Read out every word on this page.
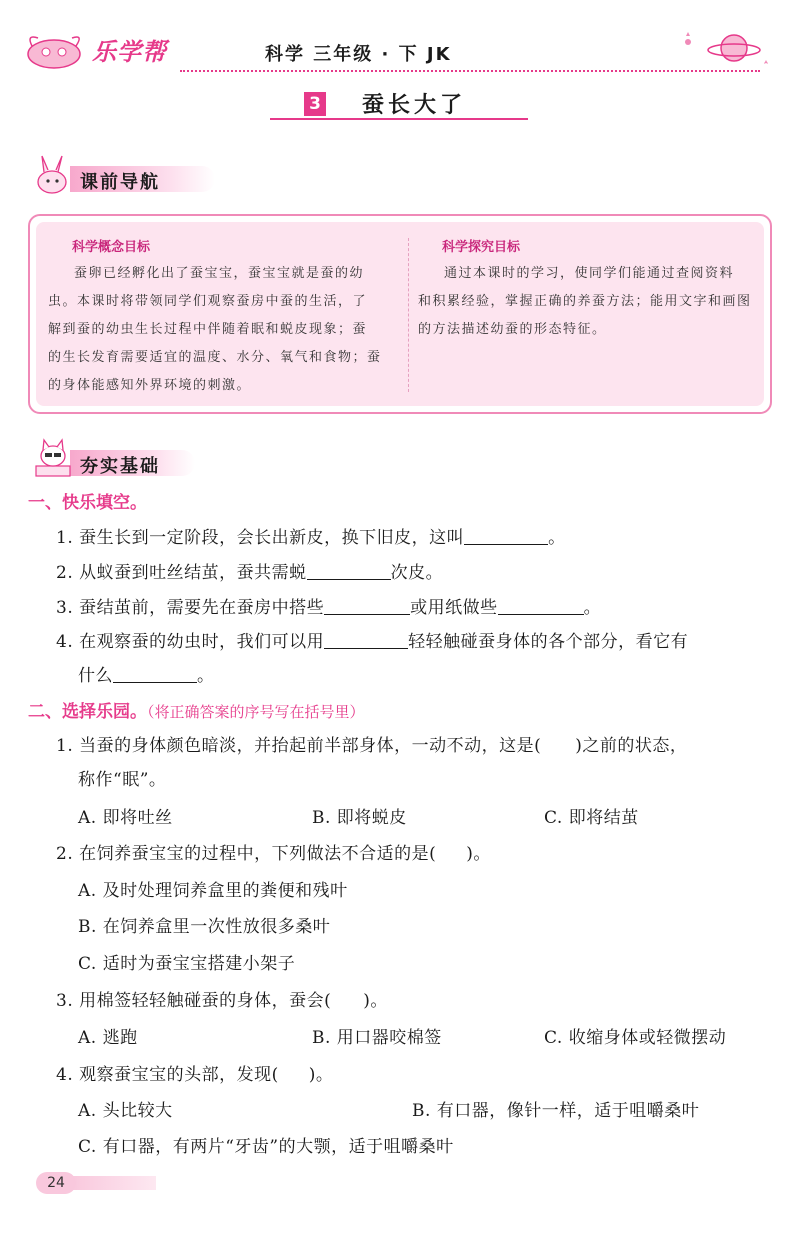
乐学帮	科学 三年级 · 下 JK
3 蚕长大了
课前导航
科学概念目标
蚕卵已经孵化出了蚕宝宝，蚕宝宝就是蚕的幼
虫。本课时将带领同学们观察蚕房中蚕的生活，了
解到蚕的幼虫生长过程中伴随着眠和蜕皮现象；蚕
的生长发育需要适宜的温度、水分、氧气和食物；蚕
的身体能感知外界环境的刺激。
科学探究目标
通过本课时的学习，使同学们能通过查阅资料
和积累经验，掌握正确的养蚕方法；能用文字和画图
的方法描述幼蚕的形态特征。
夯实基础
一、快乐填空。
1. 蚕生长到一定阶段，会长出新皮，换下旧皮，这叫	。
2. 从蚁蚕到吐丝结茧，蚕共需蜕	次皮。
3. 蚕结茧前，需要先在蚕房中搭些	或用纸做些	。
4. 在观察蚕的幼虫时，我们可以用	轻轻触碰蚕身体的各个部分，看它有
什么	。
二、选择乐园。（将正确答案的序号写在括号里）
1. 当蚕的身体颜色暗淡，并抬起前半部身体，一动不动，这是( )之前的状态，
称作“眠”。
A. 即将吐丝	B. 即将蜕皮	C. 即将结茧
2. 在饲养蚕宝宝的过程中，下列做法不合适的是( )。
A. 及时处理饲养盒里的粪便和残叶
B. 在饲养盒里一次性放很多桑叶
C. 适时为蚕宝宝搭建小架子
3. 用棉签轻轻触碰蚕的身体，蚕会( )。
A. 逃跑	B. 用口器咬棉签	C. 收缩身体或轻微摆动
4. 观察蚕宝宝的头部，发现( )。
A. 头比较大	B. 有口器，像针一样，适于咀嚼桑叶
C. 有口器，有两片“牙齿”的大颚，适于咀嚼桑叶
24
